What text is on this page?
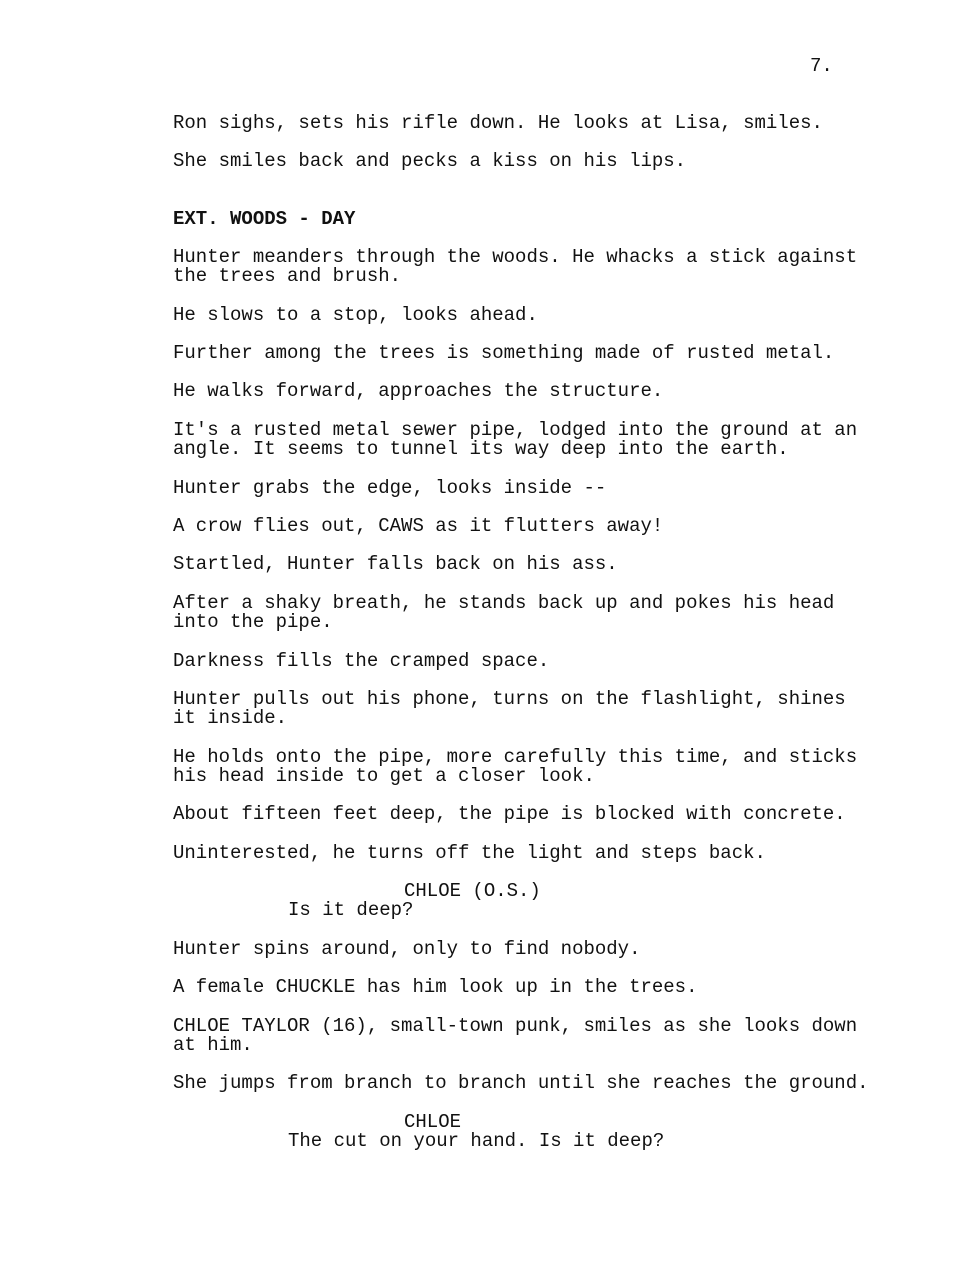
7.
Ron sighs, sets his rifle down. He looks at Lisa, smiles.
She smiles back and pecks a kiss on his lips.
EXT. WOODS - DAY
Hunter meanders through the woods. He whacks a stick against
the trees and brush.
He slows to a stop, looks ahead.
Further among the trees is something made of rusted metal.
He walks forward, approaches the structure.
It's a rusted metal sewer pipe, lodged into the ground at an
angle. It seems to tunnel its way deep into the earth.
Hunter grabs the edge, looks inside --
A crow flies out, CAWS as it flutters away!
Startled, Hunter falls back on his ass.
After a shaky breath, he stands back up and pokes his head
into the pipe.
Darkness fills the cramped space.
Hunter pulls out his phone, turns on the flashlight, shines
it inside.
He holds onto the pipe, more carefully this time, and sticks
his head inside to get a closer look.
About fifteen feet deep, the pipe is blocked with concrete.
Uninterested, he turns off the light and steps back.
CHLOE (O.S.)
Is it deep?
Hunter spins around, only to find nobody.
A female CHUCKLE has him look up in the trees.
CHLOE TAYLOR (16), small-town punk, smiles as she looks down
at him.
She jumps from branch to branch until she reaches the ground.
CHLOE
The cut on your hand. Is it deep?
